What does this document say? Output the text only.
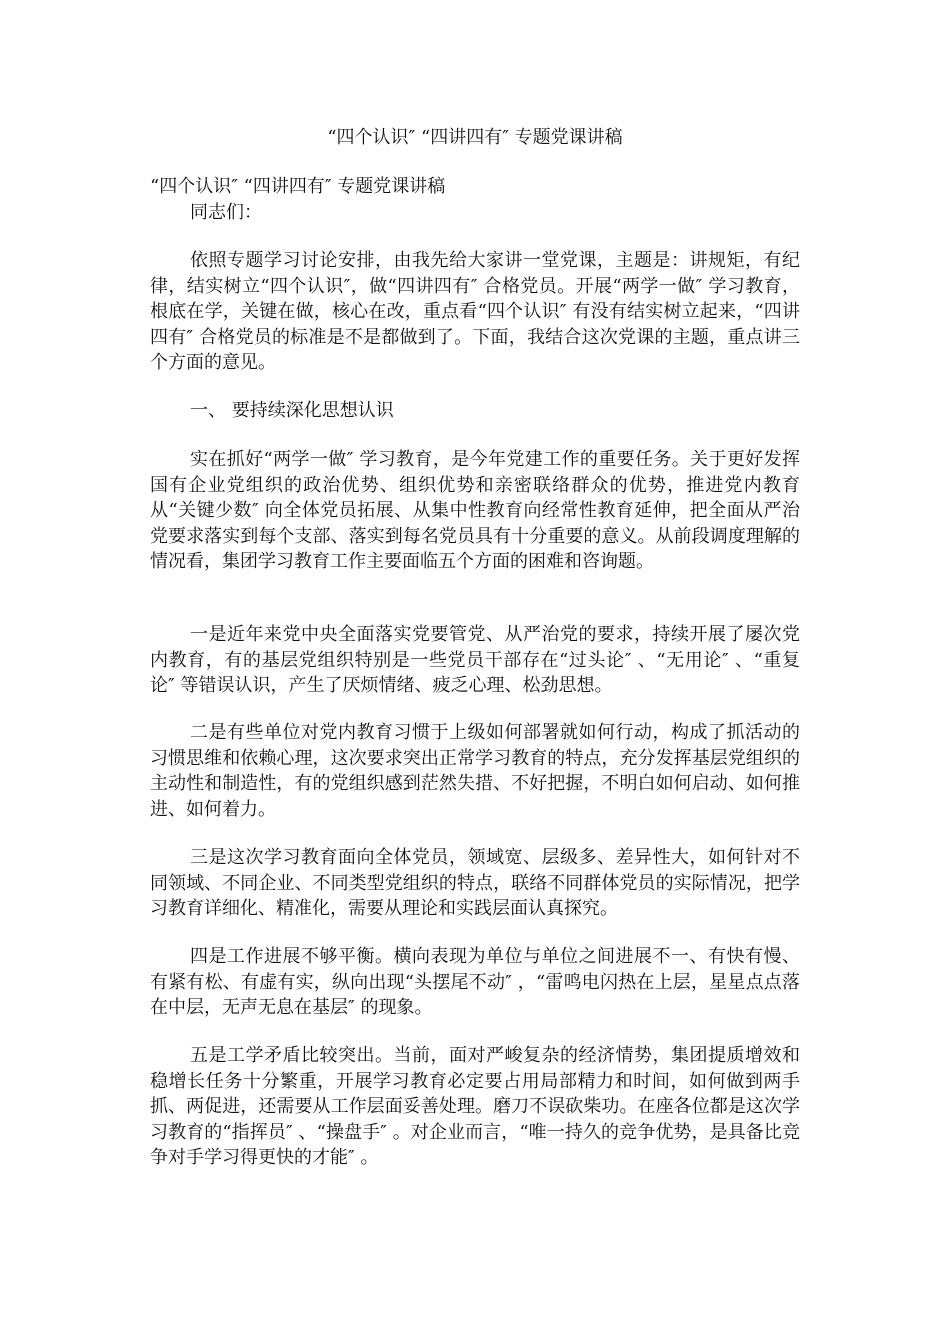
“四个认识″ “四讲四有″ 专题党课讲稿
“四个认识″ “四讲四有″ 专题党课讲稿
同志们：

依照专题学习讨论安排，由我先给大家讲一堂党课，主题是：讲规矩，有纪律，结实树立“四个认识″，做“四讲四有″ 合格党员。开展“两学一做″ 学习教育，根底在学，关键在做，核心在改，重点看“四个认识″ 有没有结实树立起来，“四讲四有″ 合格党员的标准是不是都做到了。下面，我结合这次党课的主题，重点讲三个方面的意见。

一、 要持续深化思想认识

实在抓好“两学一做″ 学习教育，是今年党建工作的重要任务。关于更好发挥国有企业党组织的政治优势、组织优势和亲密联络群众的优势，推进党内教育从“关键少数″ 向全体党员拓展、从集中性教育向经常性教育延伸，把全面从严治党要求落实到每个支部、落实到每名党员具有十分重要的意义。从前段调度理解的情况看，集团学习教育工作主要面临五个方面的困难和咨询题。

一是近年来党中央全面落实党要管党、从严治党的要求，持续开展了屡次党内教育，有的基层党组织特别是一些党员干部存在“过头论″ 、“无用论″ 、“重复论″ 等错误认识，产生了厌烦情绪、疲乏心理、松劲思想。

二是有些单位对党内教育习惯于上级如何部署就如何行动，构成了抓活动的习惯思维和依赖心理，这次要求突出正常学习教育的特点，充分发挥基层党组织的主动性和制造性，有的党组织感到茫然失措、不好把握，不明白如何启动、如何推进、如何着力。

三是这次学习教育面向全体党员，领域宽、层级多、差异性大，如何针对不同领域、不同企业、不同类型党组织的特点，联络不同群体党员的实际情况，把学习教育详细化、精准化，需要从理论和实践层面认真探究。

四是工作进展不够平衡。横向表现为单位与单位之间进展不一、有快有慢、有紧有松、有虚有实，纵向出现“头摆尾不动″ ，“雷鸣电闪热在上层，星星点点落在中层，无声无息在基层″ 的现象。

五是工学矛盾比较突出。当前，面对严峻复杂的经济情势，集团提质增效和稳增长任务十分繁重，开展学习教育必定要占用局部精力和时间，如何做到两手抓、两促进，还需要从工作层面妥善处理。磨刀不误砍柴功。在座各位都是这次学习教育的“指挥员″ 、“操盘手″ 。对企业而言，“唯一持久的竞争优势，是具备比竞争对手学习得更快的才能″ 。
